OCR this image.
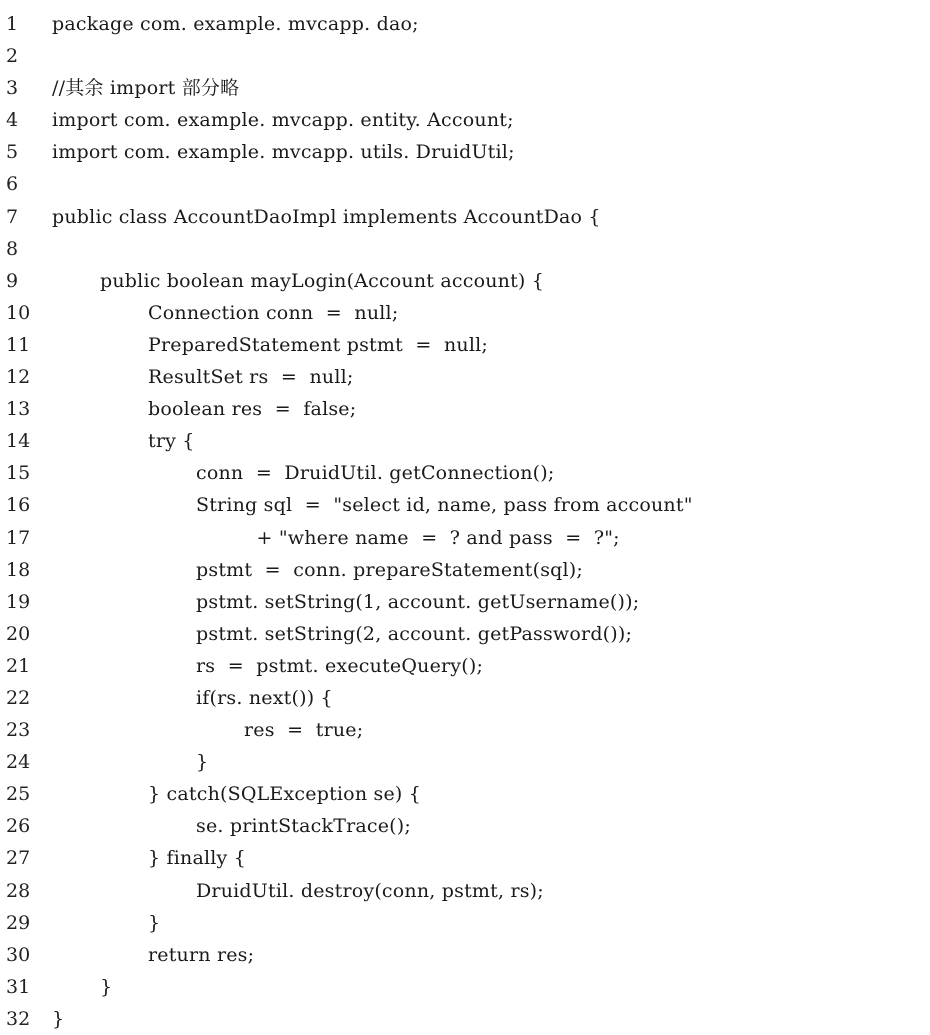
1	package com. example. mvcapp. dao;
2
3	//其余 import 部分略
4	import com. example. mvcapp. entity. Account;
5	import com. example. mvcapp. utils. DruidUtil;
6
7	public class AccountDaoImpl implements AccountDao {
8
9	public boolean mayLogin(Account account) {
10	Connection conn  =  null;
11	PreparedStatement pstmt  =  null;
12	ResultSet rs  =  null;
13	boolean res  =  false;
14	try {
15	conn  =  DruidUtil. getConnection();
16	String sql  =  "select id, name, pass from account"
17	+ "where name  =  ? and pass  =  ?";
18	pstmt  =  conn. prepareStatement(sql);
19	pstmt. setString(1, account. getUsername());
20	pstmt. setString(2, account. getPassword());
21	rs  =  pstmt. executeQuery();
22	if(rs. next()) {
23	res  =  true;
24	}
25	} catch(SQLException se) {
26	se. printStackTrace();
27	} finally {
28	DruidUtil. destroy(conn, pstmt, rs);
29	}
30	return res;
31	}
32	}
